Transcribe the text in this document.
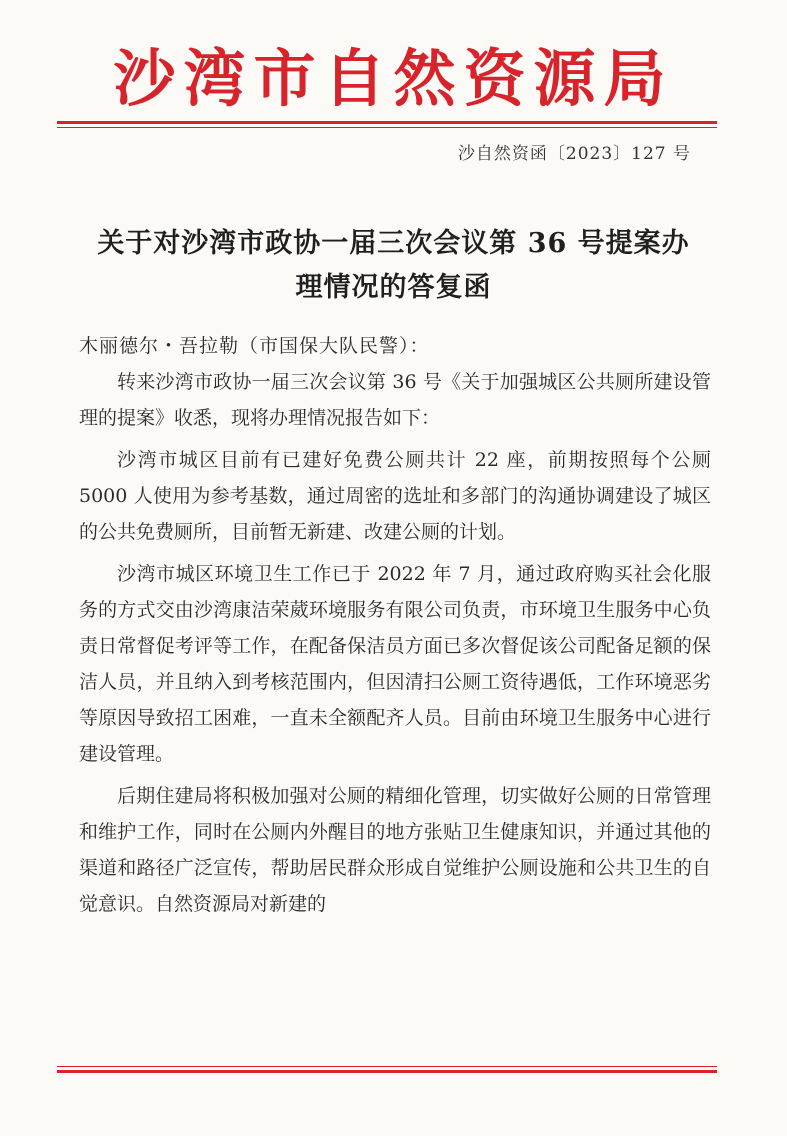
沙湾市自然资源局
沙自然资函〔2023〕127 号
关于对沙湾市政协一届三次会议第 36 号提案办
理情况的答复函
木丽德尔・吾拉勒（市国保大队民警）：

转来沙湾市政协一届三次会议第 36 号《关于加强城区公共厕所建设管理的提案》收悉，现将办理情况报告如下：

沙湾市城区目前有已建好免费公厕共计 22 座，前期按照每个公厕 5000 人使用为参考基数，通过周密的选址和多部门的沟通协调建设了城区的公共免费厕所，目前暂无新建、改建公厕的计划。

沙湾市城区环境卫生工作已于 2022 年 7 月，通过政府购买社会化服务的方式交由沙湾康洁荣葳环境服务有限公司负责，市环境卫生服务中心负责日常督促考评等工作，在配备保洁员方面已多次督促该公司配备足额的保洁人员，并且纳入到考核范围内，但因清扫公厕工资待遇低，工作环境恶劣等原因导致招工困难，一直未全额配齐人员。目前由环境卫生服务中心进行建设管理。

后期住建局将积极加强对公厕的精细化管理，切实做好公厕的日常管理和维护工作，同时在公厕内外醒目的地方张贴卫生健康知识，并通过其他的渠道和路径广泛宣传，帮助居民群众形成自觉维护公厕设施和公共卫生的自觉意识。自然资源局对新建的
